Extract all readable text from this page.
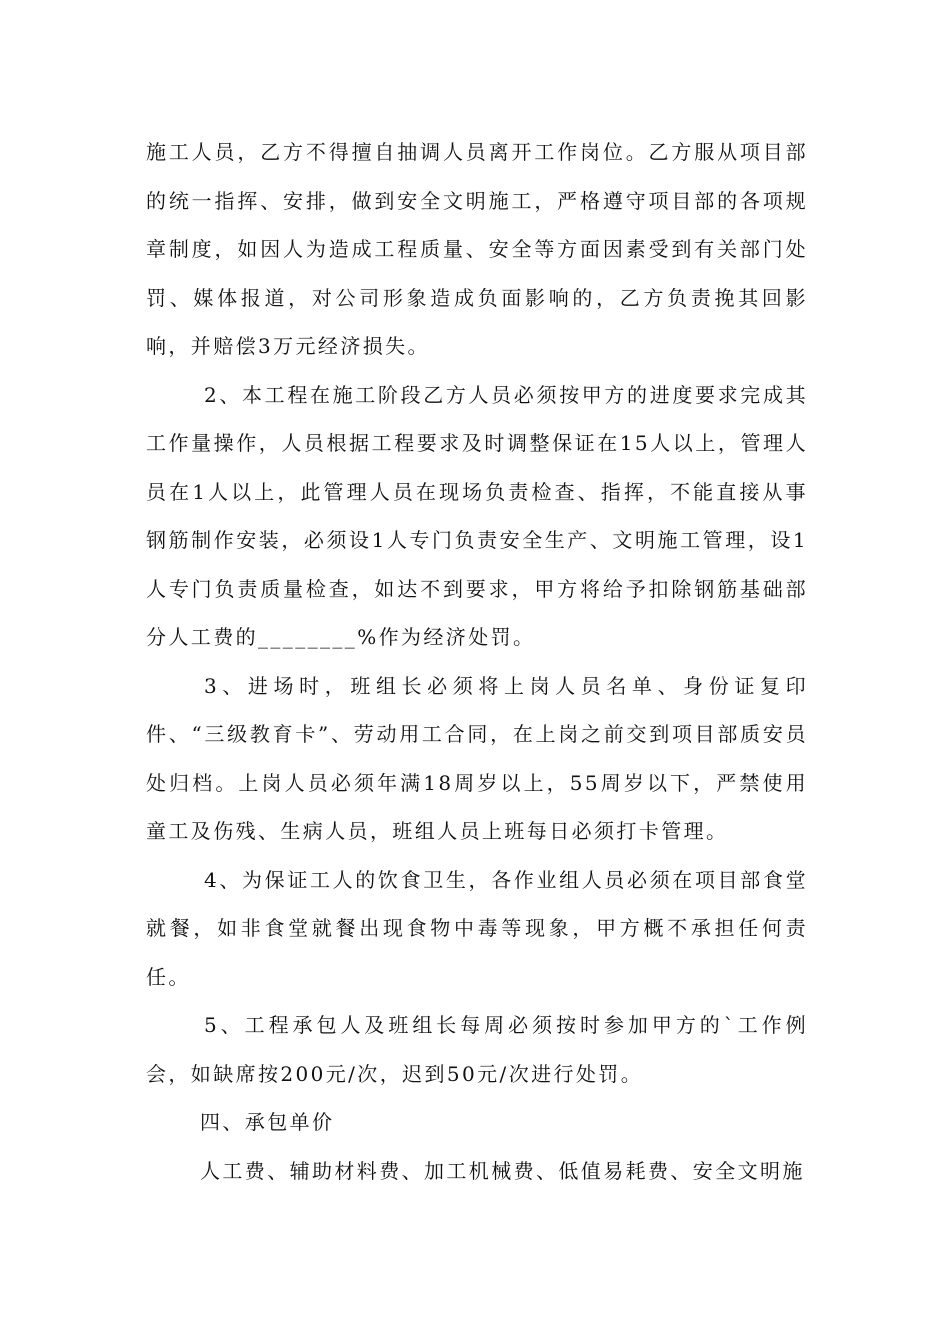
施工人员，乙方不得擅自抽调人员离开工作岗位。乙方服从项目部的统一指挥、安排，做到安全文明施工，严格遵守项目部的各项规章制度，如因人为造成工程质量、安全等方面因素受到有关部门处罚、媒体报道，对公司形象造成负面影响的，乙方负责挽其回影响，并赔偿3万元经济损失。

2、本工程在施工阶段乙方人员必须按甲方的进度要求完成其工作量操作，人员根据工程要求及时调整保证在15人以上，管理人员在1人以上，此管理人员在现场负责检查、指挥，不能直接从事钢筋制作安装，必须设1人专门负责安全生产、文明施工管理，设1人专门负责质量检查，如达不到要求，甲方将给予扣除钢筋基础部分人工费的________%作为经济处罚。

3、进场时，班组长必须将上岗人员名单、身份证复印件、“三级教育卡”、劳动用工合同，在上岗之前交到项目部质安员处归档。上岗人员必须年满18周岁以上，55周岁以下，严禁使用童工及伤残、生病人员，班组人员上班每日必须打卡管理。

4、为保证工人的饮食卫生，各作业组人员必须在项目部食堂就餐，如非食堂就餐出现食物中毒等现象，甲方概不承担任何责任。

5、工程承包人及班组长每周必须按时参加甲方的`工作例会，如缺席按200元/次，迟到50元/次进行处罚。

四、承包单价

人工费、辅助材料费、加工机械费、低值易耗费、安全文明施
